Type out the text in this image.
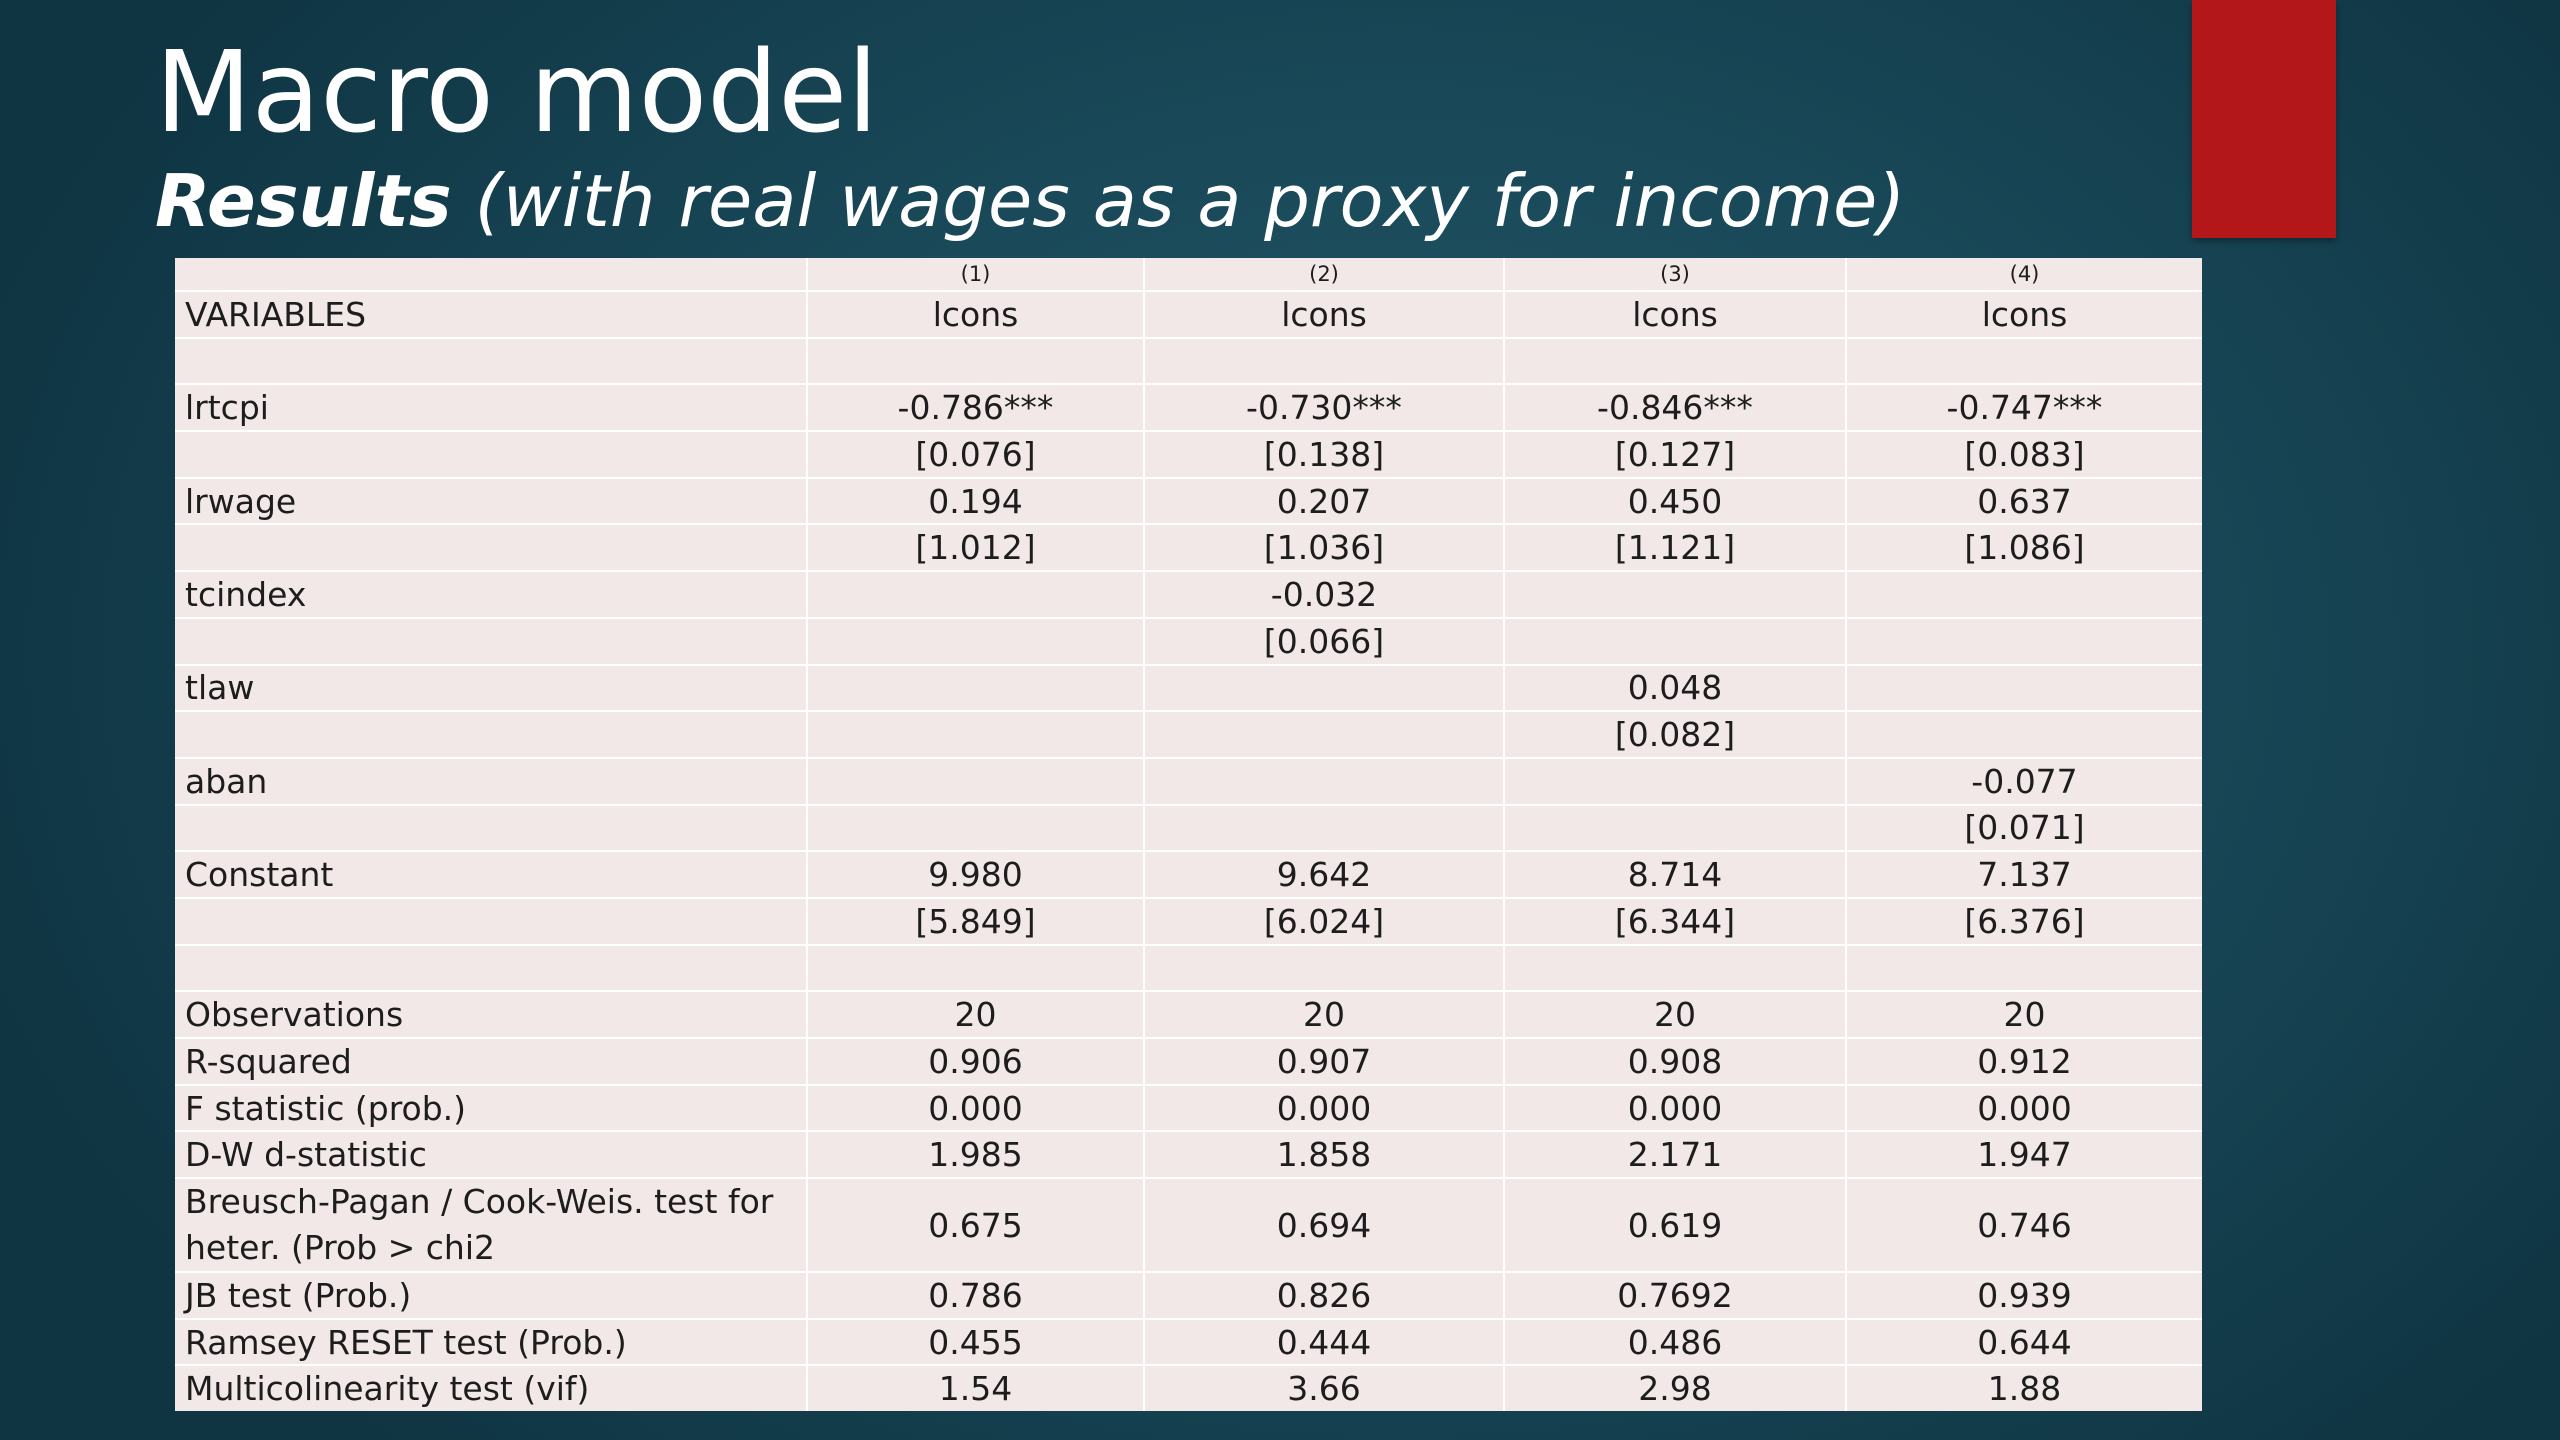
Macro model
Results (with real wages as a proxy for income)
	(1)	(2)	(3)	(4)
VARIABLES	lcons	lcons	lcons	lcons

lrtcpi	-0.786***	-0.730***	-0.846***	-0.747***
	[0.076]	[0.138]	[0.127]	[0.083]
lrwage	0.194	0.207	0.450	0.637
	[1.012]	[1.036]	[1.121]	[1.086]
tcindex		-0.032		
		[0.066]		
tlaw			0.048	
			[0.082]	
aban				-0.077
				[0.071]
Constant	9.980	9.642	8.714	7.137
	[5.849]	[6.024]	[6.344]	[6.376]

Observations	20	20	20	20
R-squared	0.906	0.907	0.908	0.912
F statistic (prob.)	0.000	0.000	0.000	0.000
D-W d-statistic	1.985	1.858	2.171	1.947
Breusch-Pagan / Cook-Weis. test for heter. (Prob > chi2	0.675	0.694	0.619	0.746
JB test (Prob.)	0.786	0.826	0.7692	0.939
Ramsey RESET test (Prob.)	0.455	0.444	0.486	0.644
Multicolinearity test (vif)	1.54	3.66	2.98	1.88
